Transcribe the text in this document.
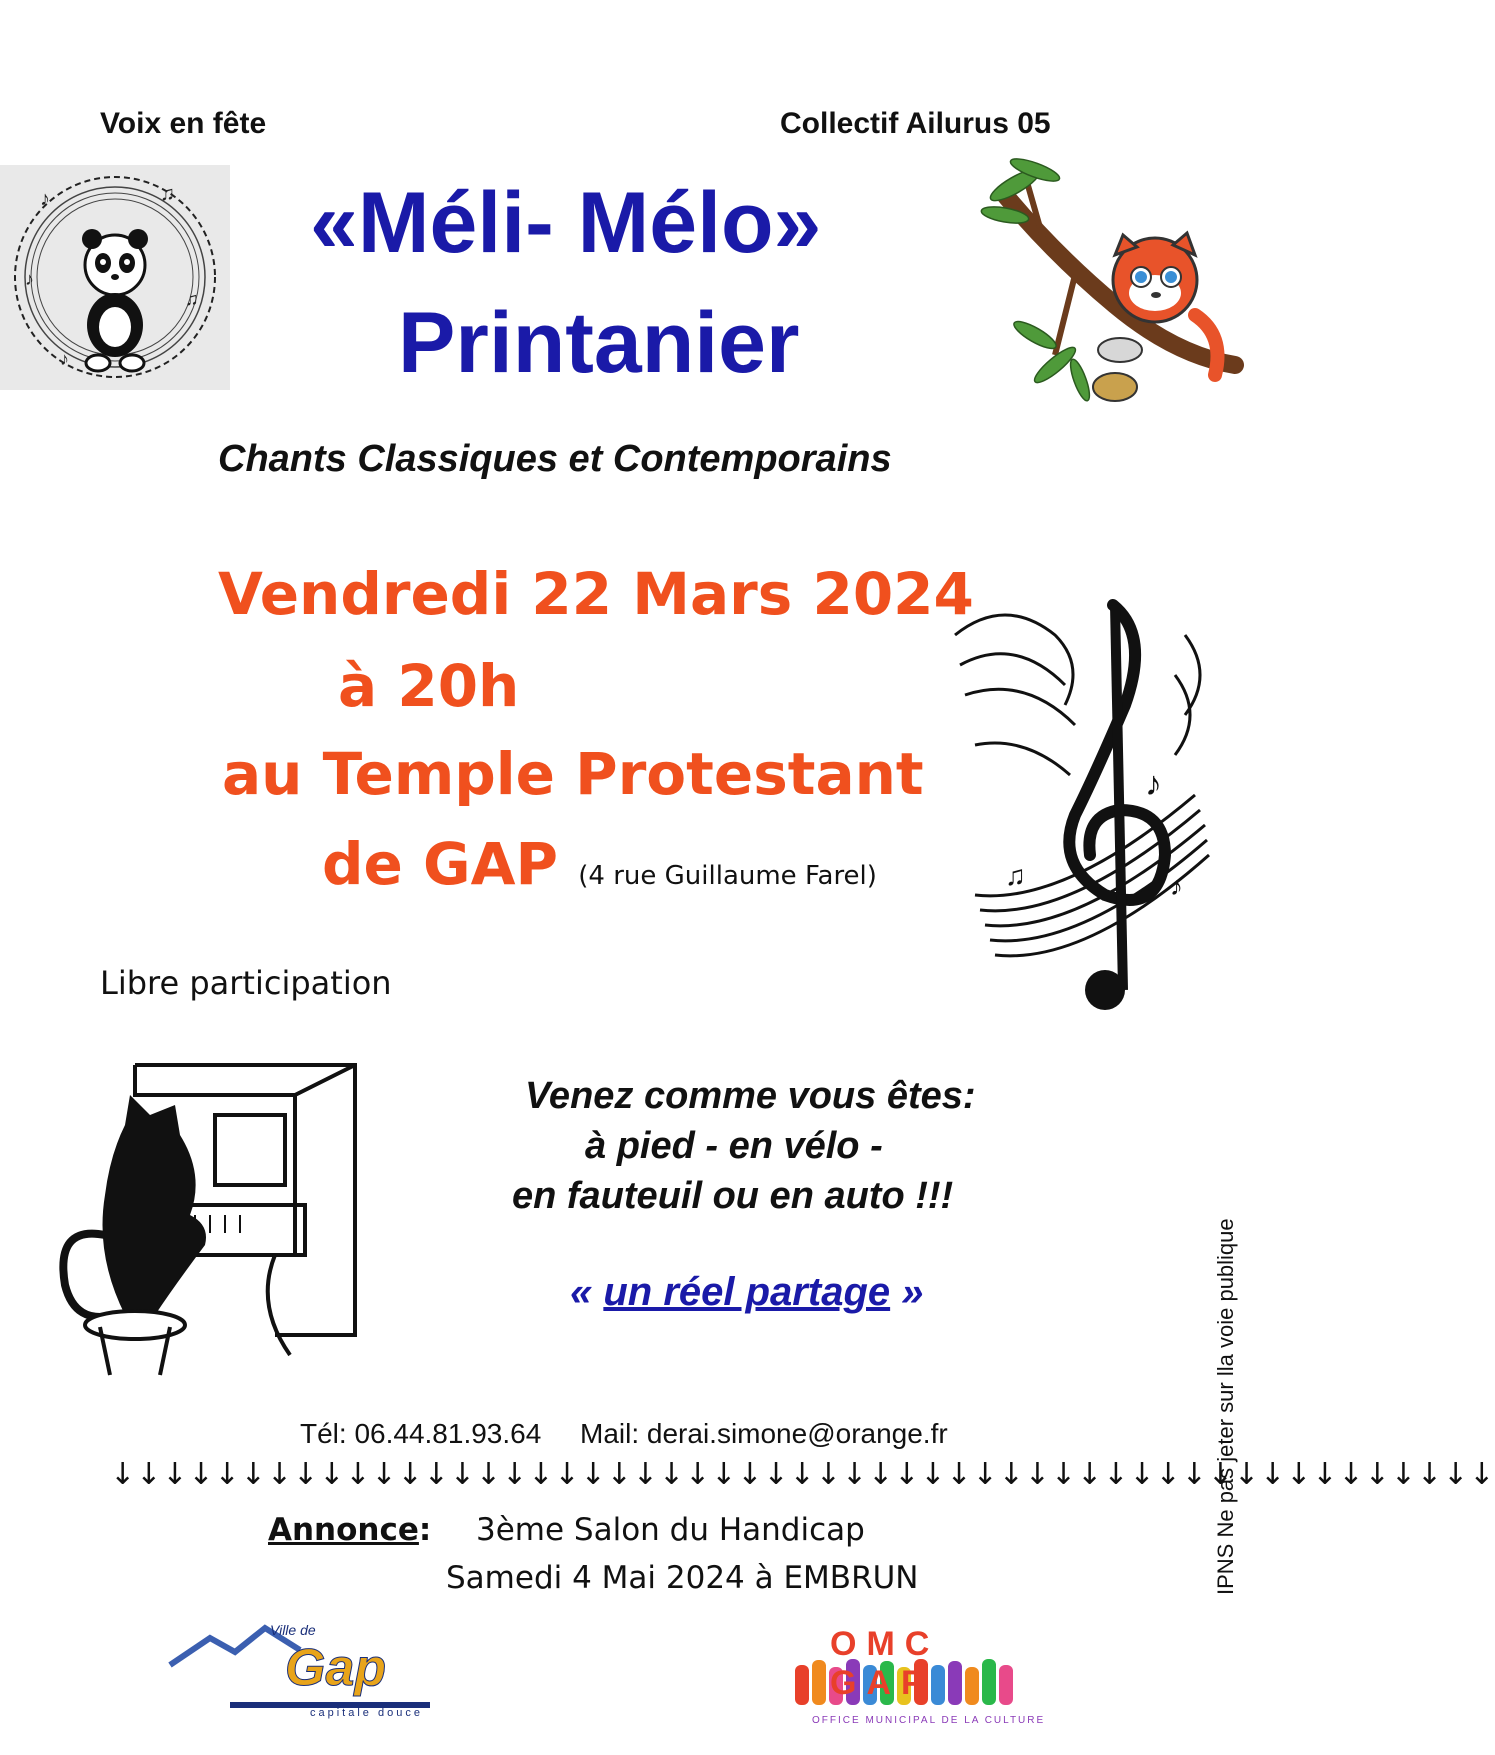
Voix en fête	Collectif Ailurus 05
♪	♫
♪
♫
♪
«Méli- Mélo»
Printanier
Chants Classiques et Contemporains
Vendredi 22 Mars 2024
à 20h
au Temple Protestant
de GAP (4 rue Guillaume Farel)
♪
♫	♪
Libre participation
Venez comme vous êtes:
à pied - en vélo -
en fauteuil ou en auto !!!
« un réel partage »
Tél: 06.44.81.93.64 Mail: derai.simone@orange.fr
↓↓↓↓↓↓↓↓↓↓↓↓↓↓↓↓↓↓↓↓↓↓↓↓↓↓↓↓↓↓↓↓↓↓↓↓↓↓↓↓↓↓↓↓↓↓↓↓↓↓↓↓↓
Annonce: 3ème Salon du Handicap
Samedi 4 Mai 2024 à EMBRUN
Ville de
Gap
capitale douce
OMC GAP
OFFICE MUNICIPAL DE LA CULTURE
IPNS Ne pas jeter sur lla voie publique
